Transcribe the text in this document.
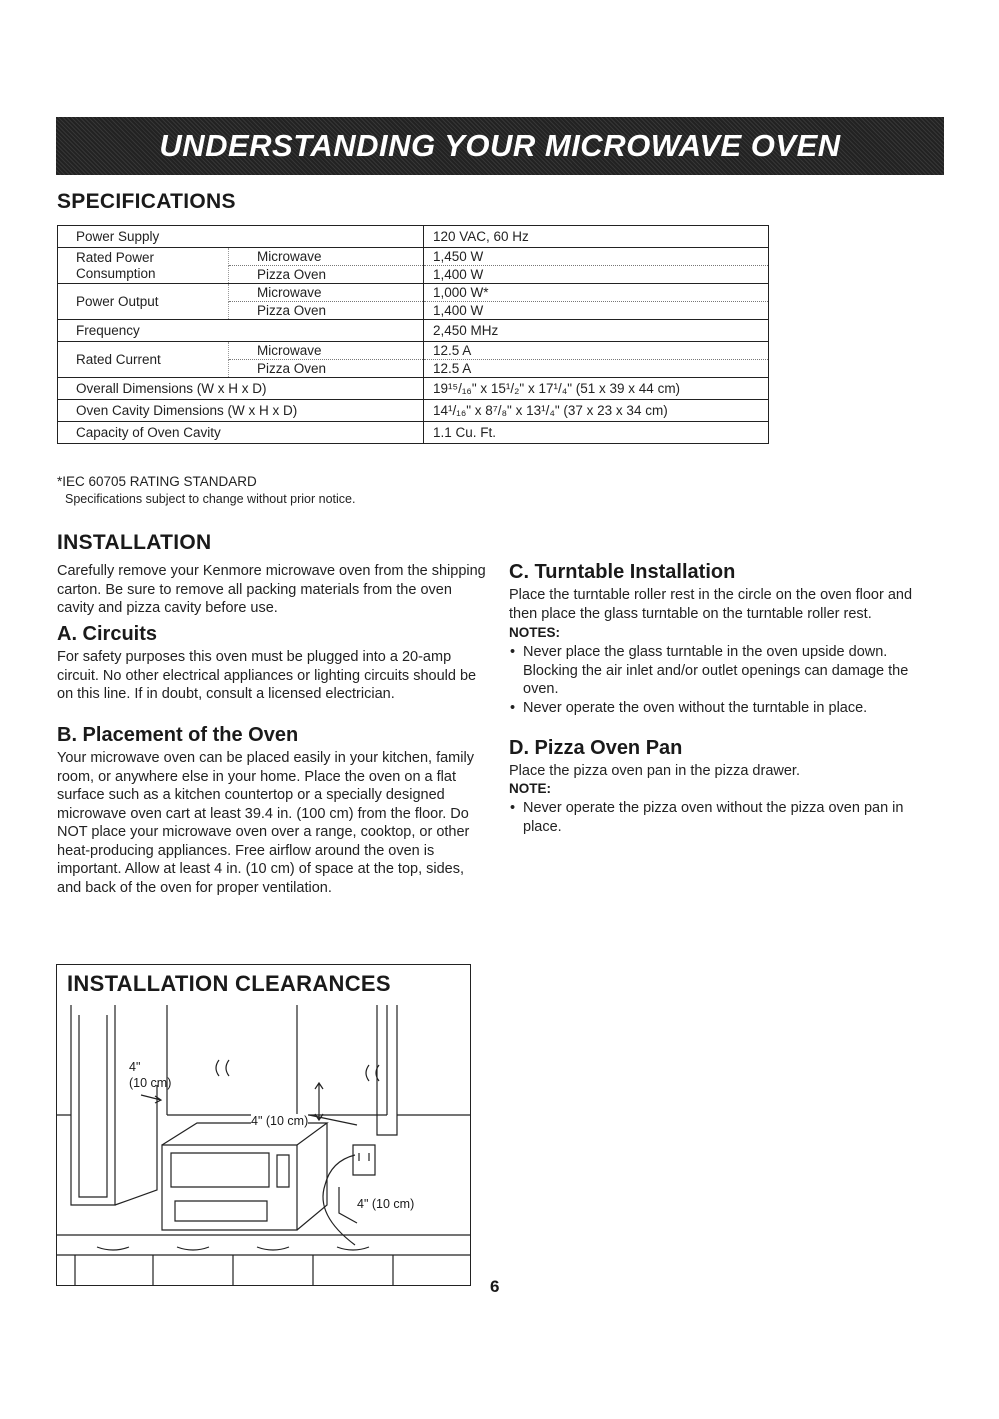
UNDERSTANDING YOUR MICROWAVE OVEN
SPECIFICATIONS
Power Supply		120 VAC, 60 Hz
Rated Power
Consumption	Microwave	1,450 W
	Pizza Oven	1,400 W
Power Output	Microwave	1,000 W*
	Pizza Oven	1,400 W
Frequency		2,450 MHz
Rated Current	Microwave	12.5 A
	Pizza Oven	12.5 A
Overall Dimensions (W x H x D)		19¹⁵/₁₆" x 15¹/₂" x 17¹/₄" (51 x 39 x 44 cm)
Oven Cavity Dimensions (W x H x D)		14¹/₁₆" x 8⁷/₈" x 13¹/₄" (37 x 23 x 34 cm)
Capacity of Oven Cavity		1.1 Cu. Ft.

*IEC 60705 RATING STANDARD

Specifications subject to change without prior notice.

INSTALLATION

Carefully remove your Kenmore microwave oven from the shipping carton. Be sure to remove all packing materials from the oven cavity and pizza cavity before use.

A. Circuits

For safety purposes this oven must be plugged into a 20-amp circuit. No other electrical appliances or lighting circuits should be on this line. If in doubt, consult a licensed electrician.

B. Placement of the Oven

Your microwave oven can be placed easily in your kitchen, family room, or anywhere else in your home. Place the oven on a flat surface such as a kitchen countertop or a specially designed microwave oven cart at least 39.4 in. (100 cm) from the floor. Do NOT place your microwave oven over a range, cooktop, or other heat-producing appliances. Free airflow around the oven is important. Allow at least 4 in. (10 cm) of space at the top, sides, and back of the oven for proper ventilation.

C. Turntable Installation

Place the turntable roller rest in the circle on the oven floor and then place the glass turntable on the turntable roller rest.

NOTES:

• Never place the glass turntable in the oven upside down. Blocking the air inlet and/or outlet openings can damage the oven.
• Never operate the oven without the turntable in place.
D. Pizza Oven Pan

Place the pizza oven pan in the pizza drawer.

NOTE:

• Never operate the pizza oven without the pizza oven pan in place.
INSTALLATION CLEARANCES
4"
(10 cm)
4" (10 cm)
4" (10 cm)
6
